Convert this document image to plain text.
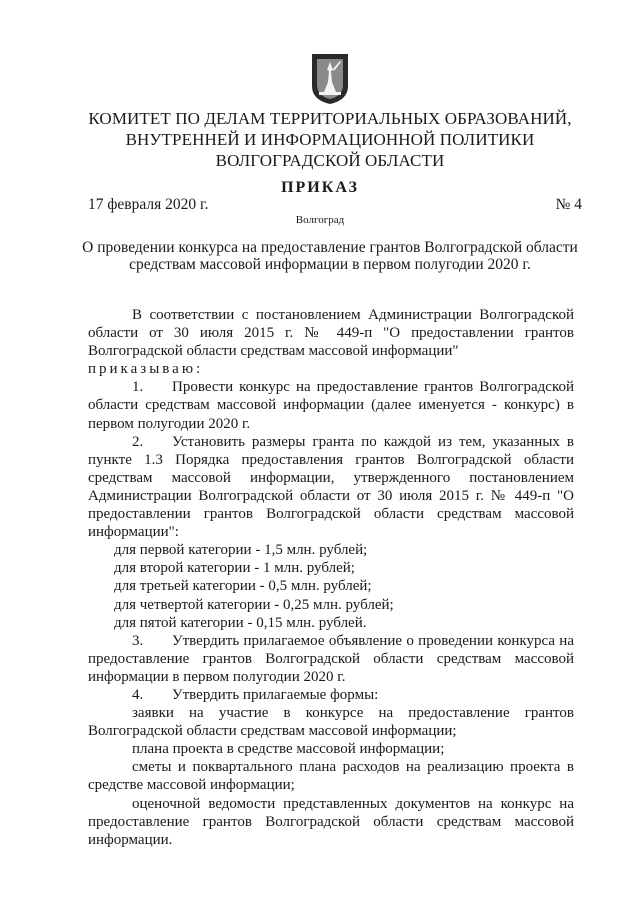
КОМИТЕТ ПО ДЕЛАМ ТЕРРИТОРИАЛЬНЫХ ОБРАЗОВАНИЙ,
ВНУТРЕННЕЙ И ИНФОРМАЦИОННОЙ ПОЛИТИКИ
ВОЛГОГРАДСКОЙ ОБЛАСТИ
ПРИКАЗ
17 февраля 2020 г.	№ 4
Волгоград
О проведении конкурса на предоставление грантов Волгоградской области
средствам массовой информации в первом полугодии 2020 г.

В соответствии с постановлением Администрации Волгоградской области от 30 июля 2015 г. № 449-п "О предоставлении грантов Волгоградской области средствам массовой информации"

приказываю:

1. Провести конкурс на предоставление грантов Волгоградской области средствам массовой информации (далее именуется - конкурс) в первом полугодии 2020 г.

2. Установить размеры гранта по каждой из тем, указанных в пункте 1.3 Порядка предоставления грантов Волгоградской области средствам массовой информации, утвержденного постановлением Администрации Волгоградской области от 30 июля 2015 г. № 449-п "О предоставлении грантов Волгоградской области средствам массовой информации":

для первой категории - 1,5 млн. рублей;

для второй категории - 1 млн. рублей;

для третьей категории - 0,5 млн. рублей;

для четвертой категории - 0,25 млн. рублей;

для пятой категории - 0,15 млн. рублей.

3. Утвердить прилагаемое объявление о проведении конкурса на предоставление грантов Волгоградской области средствам массовой информации в первом полугодии 2020 г.

4. Утвердить прилагаемые формы:

заявки на участие в конкурсе на предоставление грантов Волгоградской области средствам массовой информации;

плана проекта в средстве массовой информации;

сметы и поквартального плана расходов на реализацию проекта в средстве массовой информации;

оценочной ведомости представленных документов на конкурс на предоставление грантов Волгоградской области средствам массовой информации.
